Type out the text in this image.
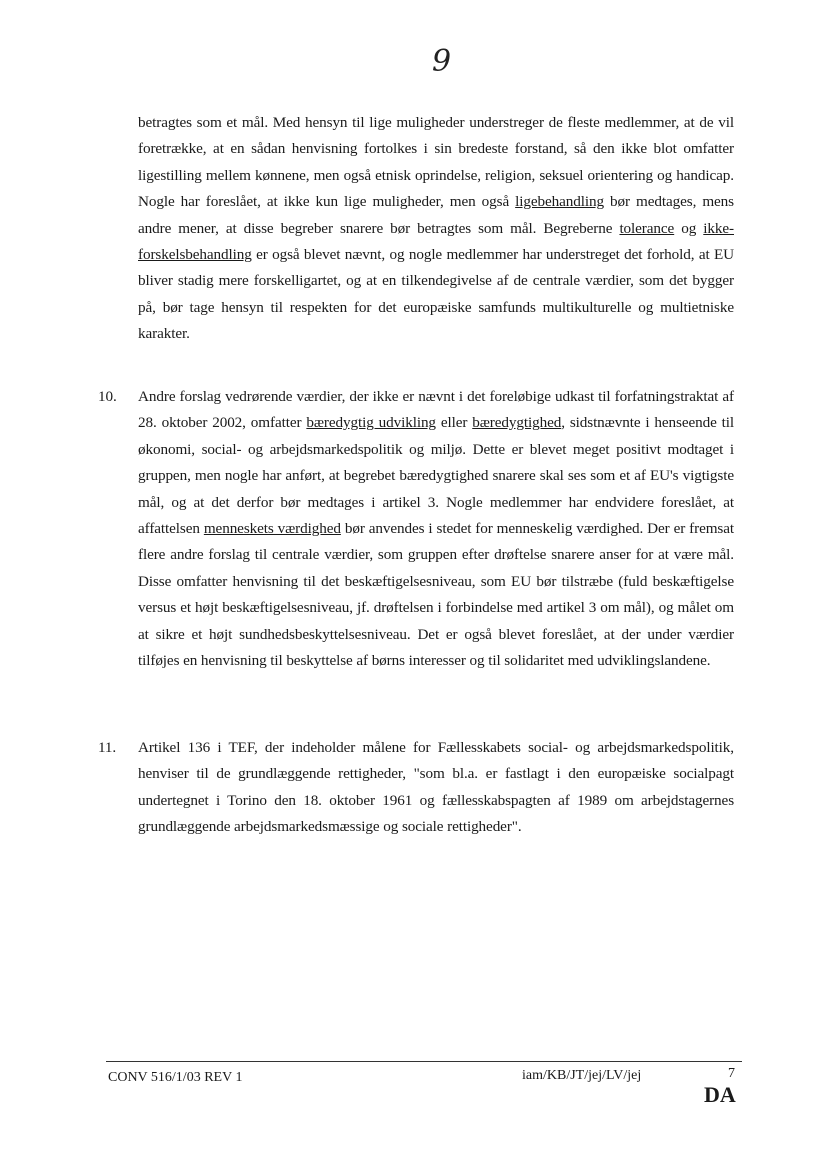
9
betragtes som et mål. Med hensyn til lige muligheder understreger de fleste medlemmer, at de vil foretrække, at en sådan henvisning fortolkes i sin bredeste forstand, så den ikke blot omfatter ligestilling mellem kønnene, men også etnisk oprindelse, religion, seksuel orientering og handicap. Nogle har foreslået, at ikke kun lige muligheder, men også ligebehandling bør medtages, mens andre mener, at disse begreber snarere bør betragtes som mål. Begreberne tolerance og ikke-forskelsbehandling er også blevet nævnt, og nogle medlemmer har understreget det forhold, at EU bliver stadig mere forskelligartet, og at en tilkendegivelse af de centrale værdier, som det bygger på, bør tage hensyn til respekten for det europæiske samfunds multikulturelle og multietniske karakter.
10. Andre forslag vedrørende værdier, der ikke er nævnt i det foreløbige udkast til forfatningstraktat af 28. oktober 2002, omfatter bæredygtig udvikling eller bæredygtighed, sidstnævnte i henseende til økonomi, social- og arbejdsmarkedspolitik og miljø. Dette er blevet meget positivt modtaget i gruppen, men nogle har anført, at begrebet bæredygtighed snarere skal ses som et af EU's vigtigste mål, og at det derfor bør medtages i artikel 3. Nogle medlemmer har endvidere foreslået, at affattelsen menneskets værdighed bør anvendes i stedet for menneskelig værdighed. Der er fremsat flere andre forslag til centrale værdier, som gruppen efter drøftelse snarere anser for at være mål. Disse omfatter henvisning til det beskæftigelsesniveau, som EU bør tilstræbe (fuld beskæftigelse versus et højt beskæftigelsesniveau, jf. drøftelsen i forbindelse med artikel 3 om mål), og målet om at sikre et højt sundhedsbeskyttelsesniveau. Det er også blevet foreslået, at der under værdier tilføjes en henvisning til beskyttelse af børns interesser og til solidaritet med udviklingslandene.
11. Artikel 136 i TEF, der indeholder målene for Fællesskabets social- og arbejdsmarkedspolitik, henviser til de grundlæggende rettigheder, "som bl.a. er fastlagt i den europæiske socialpagt undertegnet i Torino den 18. oktober 1961 og fællesskabspagten af 1989 om arbejdstagernes grundlæggende arbejdsmarkedsmæssige og sociale rettigheder".
CONV 516/1/03 REV 1	iam/KB/JT/jej/LV/jej	7
DA
